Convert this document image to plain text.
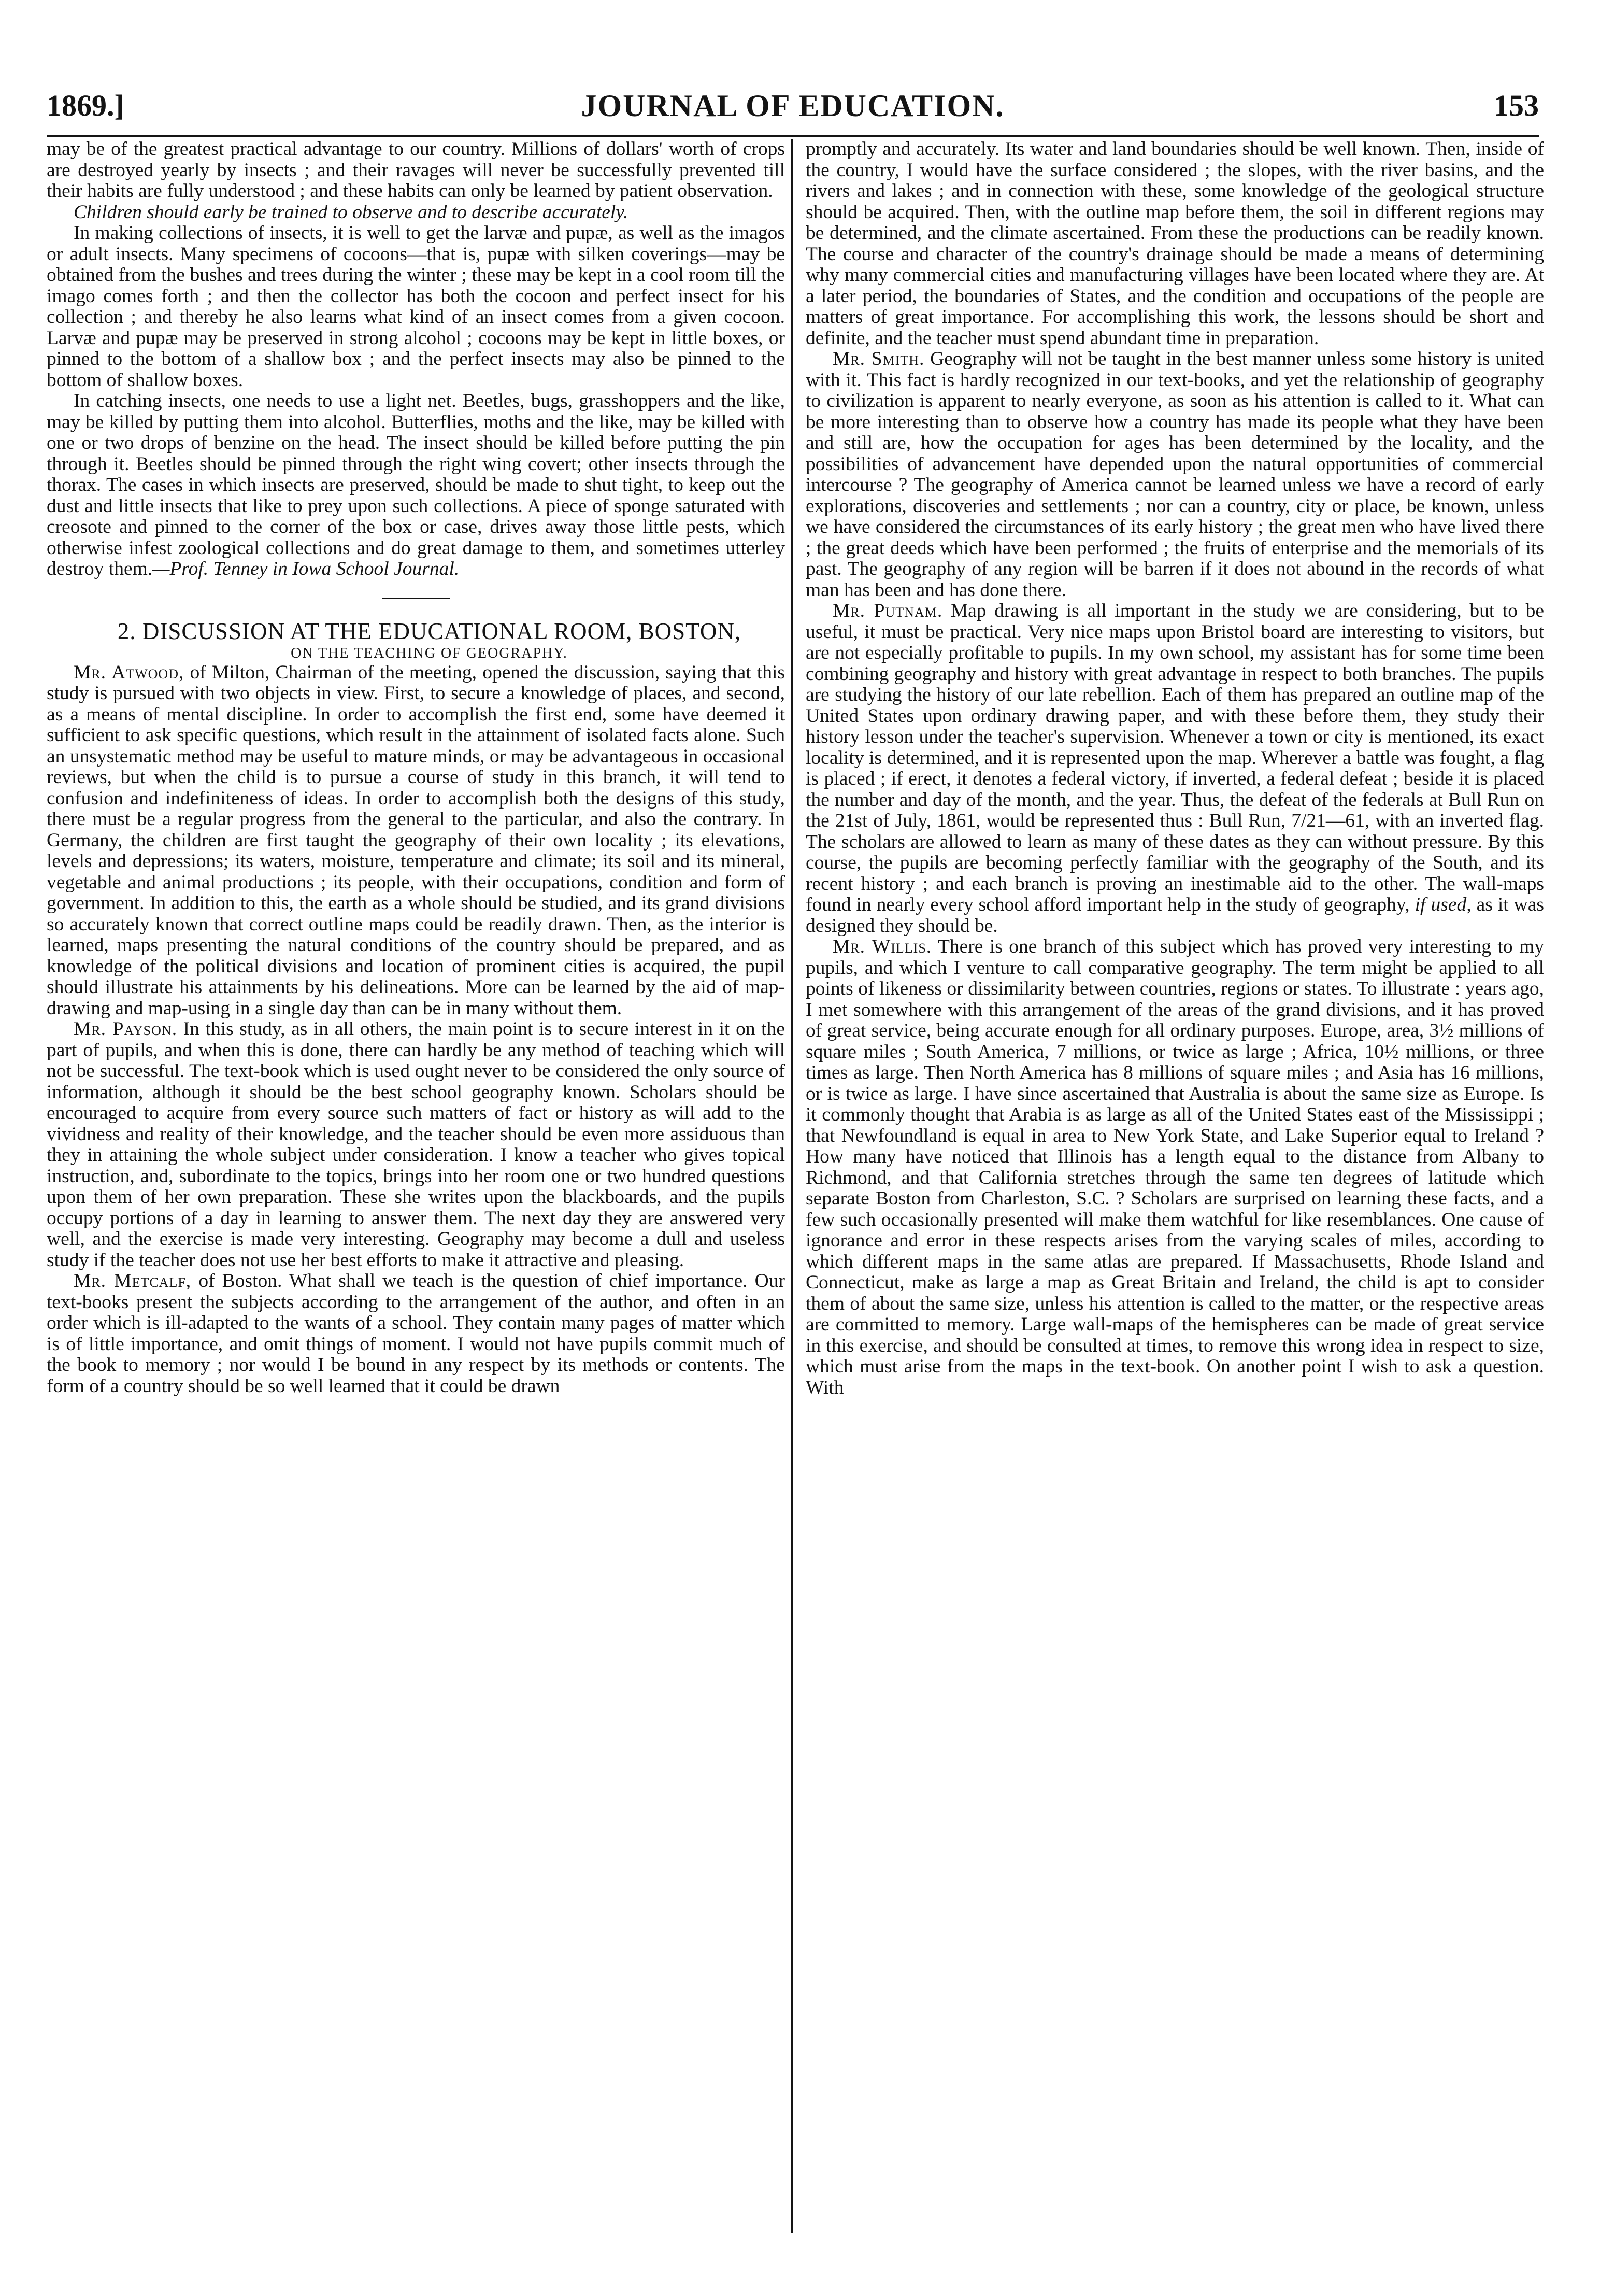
1869.]	JOURNAL OF EDUCATION.	153

may be of the greatest practical advantage to our country. Millions of dollars' worth of crops are destroyed yearly by insects ; and their ravages will never be successfully prevented till their habits are fully understood ; and these habits can only be learned by patient observation.

Children should early be trained to observe and to describe accurately.

In making collections of insects, it is well to get the larvæ and pupæ, as well as the imagos or adult insects. Many specimens of cocoons—that is, pupæ with silken coverings—may be obtained from the bushes and trees during the winter ; these may be kept in a cool room till the imago comes forth ; and then the collector has both the cocoon and perfect insect for his collection ; and thereby he also learns what kind of an insect comes from a given cocoon. Larvæ and pupæ may be preserved in strong alcohol ; cocoons may be kept in little boxes, or pinned to the bottom of a shallow box ; and the perfect insects may also be pinned to the bottom of shallow boxes.

In catching insects, one needs to use a light net. Beetles, bugs, grasshoppers and the like, may be killed by putting them into alcohol. Butterflies, moths and the like, may be killed with one or two drops of benzine on the head. The insect should be killed before putting the pin through it. Beetles should be pinned through the right wing covert; other insects through the thorax. The cases in which insects are preserved, should be made to shut tight, to keep out the dust and little insects that like to prey upon such collections. A piece of sponge saturated with creosote and pinned to the corner of the box or case, drives away those little pests, which otherwise infest zoological collections and do great damage to them, and sometimes utterley destroy them.—Prof. Tenney in Iowa School Journal.

2. DISCUSSION AT THE EDUCATIONAL ROOM, BOSTON,

ON THE TEACHING OF GEOGRAPHY.

Mr. Atwood, of Milton, Chairman of the meeting, opened the discussion, saying that this study is pursued with two objects in view. First, to secure a knowledge of places, and second, as a means of mental discipline. In order to accomplish the first end, some have deemed it sufficient to ask specific questions, which result in the attainment of isolated facts alone. Such an unsystematic method may be useful to mature minds, or may be advantageous in occasional reviews, but when the child is to pursue a course of study in this branch, it will tend to confusion and indefiniteness of ideas. In order to accomplish both the designs of this study, there must be a regular progress from the general to the particular, and also the contrary. In Germany, the children are first taught the geography of their own locality ; its elevations, levels and depressions; its waters, moisture, temperature and climate; its soil and its mineral, vegetable and animal productions ; its people, with their occupations, condition and form of government. In addition to this, the earth as a whole should be studied, and its grand divisions so accurately known that correct outline maps could be readily drawn. Then, as the interior is learned, maps presenting the natural conditions of the country should be prepared, and as knowledge of the political divisions and location of prominent cities is acquired, the pupil should illustrate his attainments by his delineations. More can be learned by the aid of map-drawing and map-using in a single day than can be in many without them.

Mr. Payson. In this study, as in all others, the main point is to secure interest in it on the part of pupils, and when this is done, there can hardly be any method of teaching which will not be successful. The text-book which is used ought never to be considered the only source of information, although it should be the best school geography known. Scholars should be encouraged to acquire from every source such matters of fact or history as will add to the vividness and reality of their knowledge, and the teacher should be even more assiduous than they in attaining the whole subject under consideration. I know a teacher who gives topical instruction, and, subordinate to the topics, brings into her room one or two hundred questions upon them of her own preparation. These she writes upon the blackboards, and the pupils occupy portions of a day in learning to answer them. The next day they are answered very well, and the exercise is made very interesting. Geography may become a dull and useless study if the teacher does not use her best efforts to make it attractive and pleasing.

Mr. Metcalf, of Boston. What shall we teach is the question of chief importance. Our text-books present the subjects according to the arrangement of the author, and often in an order which is ill-adapted to the wants of a school. They contain many pages of matter which is of little importance, and omit things of moment. I would not have pupils commit much of the book to memory ; nor would I be bound in any respect by its methods or contents. The form of a country should be so well learned that it could be drawn

promptly and accurately. Its water and land boundaries should be well known. Then, inside of the country, I would have the surface considered ; the slopes, with the river basins, and the rivers and lakes ; and in connection with these, some knowledge of the geological structure should be acquired. Then, with the outline map before them, the soil in different regions may be determined, and the climate ascertained. From these the productions can be readily known. The course and character of the country's drainage should be made a means of determining why many commercial cities and manufacturing villages have been located where they are. At a later period, the boundaries of States, and the condition and occupations of the people are matters of great importance. For accomplishing this work, the lessons should be short and definite, and the teacher must spend abundant time in preparation.

Mr. Smith. Geography will not be taught in the best manner unless some history is united with it. This fact is hardly recognized in our text-books, and yet the relationship of geography to civilization is apparent to nearly everyone, as soon as his attention is called to it. What can be more interesting than to observe how a country has made its people what they have been and still are, how the occupation for ages has been determined by the locality, and the possibilities of advancement have depended upon the natural opportunities of commercial intercourse ? The geography of America cannot be learned unless we have a record of early explorations, discoveries and settlements ; nor can a country, city or place, be known, unless we have considered the circumstances of its early history ; the great men who have lived there ; the great deeds which have been performed ; the fruits of enterprise and the memorials of its past. The geography of any region will be barren if it does not abound in the records of what man has been and has done there.

Mr. Putnam. Map drawing is all important in the study we are considering, but to be useful, it must be practical. Very nice maps upon Bristol board are interesting to visitors, but are not especially profitable to pupils. In my own school, my assistant has for some time been combining geography and history with great advantage in respect to both branches. The pupils are studying the history of our late rebellion. Each of them has prepared an outline map of the United States upon ordinary drawing paper, and with these before them, they study their history lesson under the teacher's supervision. Whenever a town or city is mentioned, its exact locality is determined, and it is represented upon the map. Wherever a battle was fought, a flag is placed ; if erect, it denotes a federal victory, if inverted, a federal defeat ; beside it is placed the number and day of the month, and the year. Thus, the defeat of the federals at Bull Run on the 21st of July, 1861, would be represented thus : Bull Run, 7/21—61, with an inverted flag. The scholars are allowed to learn as many of these dates as they can without pressure. By this course, the pupils are becoming perfectly familiar with the geography of the South, and its recent history ; and each branch is proving an inestimable aid to the other. The wall-maps found in nearly every school afford important help in the study of geography, if used, as it was designed they should be.

Mr. Willis. There is one branch of this subject which has proved very interesting to my pupils, and which I venture to call comparative geography. The term might be applied to all points of likeness or dissimilarity between countries, regions or states. To illustrate : years ago, I met somewhere with this arrangement of the areas of the grand divisions, and it has proved of great service, being accurate enough for all ordinary purposes. Europe, area, 3½ millions of square miles ; South America, 7 millions, or twice as large ; Africa, 10½ millions, or three times as large. Then North America has 8 millions of square miles ; and Asia has 16 millions, or is twice as large. I have since ascertained that Australia is about the same size as Europe. Is it commonly thought that Arabia is as large as all of the United States east of the Mississippi ; that Newfoundland is equal in area to New York State, and Lake Superior equal to Ireland ? How many have noticed that Illinois has a length equal to the distance from Albany to Richmond, and that California stretches through the same ten degrees of latitude which separate Boston from Charleston, S.C. ? Scholars are surprised on learning these facts, and a few such occasionally presented will make them watchful for like resemblances. One cause of ignorance and error in these respects arises from the varying scales of miles, according to which different maps in the same atlas are prepared. If Massachusetts, Rhode Island and Connecticut, make as large a map as Great Britain and Ireland, the child is apt to consider them of about the same size, unless his attention is called to the matter, or the respective areas are committed to memory. Large wall-maps of the hemispheres can be made of great service in this exercise, and should be consulted at times, to remove this wrong idea in respect to size, which must arise from the maps in the text-book. On another point I wish to ask a question. With
